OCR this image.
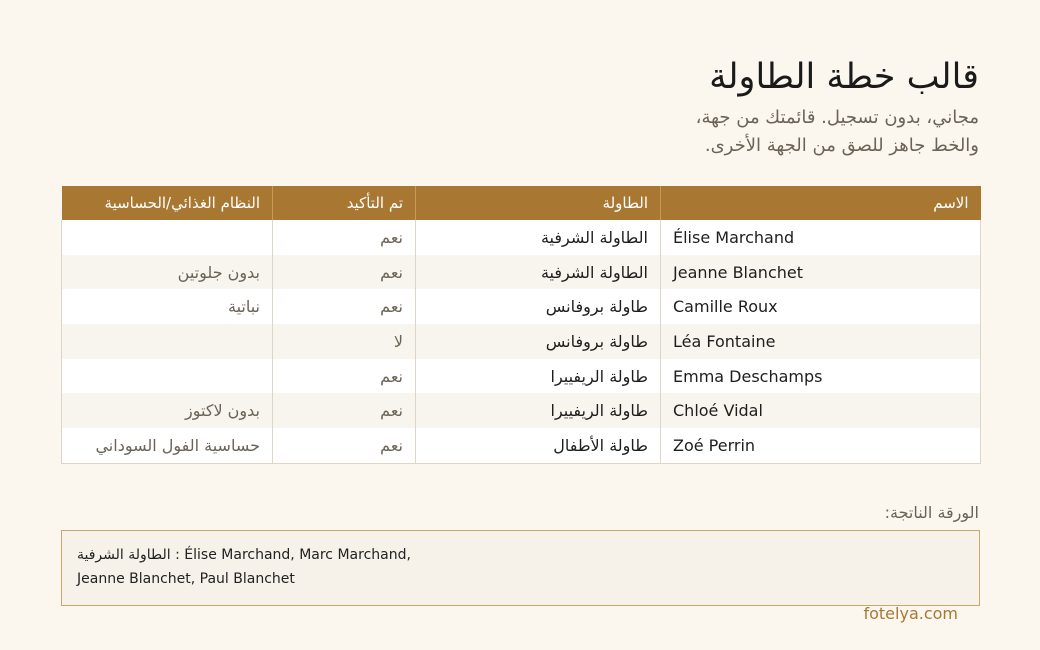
قالب خطة الطاولة
مجاني، بدون تسجيل. قائمتك من جهة،
والخط جاهز للصق من الجهة الأخرى.
الاسم	الطاولة	تم التأكيد	النظام الغذائي/الحساسية
Élise Marchand	الطاولة الشرفية	نعم	
Jeanne Blanchet	الطاولة الشرفية	نعم	بدون جلوتين
Camille Roux	طاولة بروفانس	نعم	نباتية
Léa Fontaine	طاولة بروفانس	لا	
Emma Deschamps	طاولة الريفييرا	نعم	
Chloé Vidal	طاولة الريفييرا	نعم	بدون لاكتوز
Zoé Perrin	طاولة الأطفال	نعم	حساسية الفول السوداني
الورقة الناتجة:
الطاولة الشرفية : Élise Marchand, Marc Marchand,
Jeanne Blanchet, Paul Blanchet
fotelya.com
